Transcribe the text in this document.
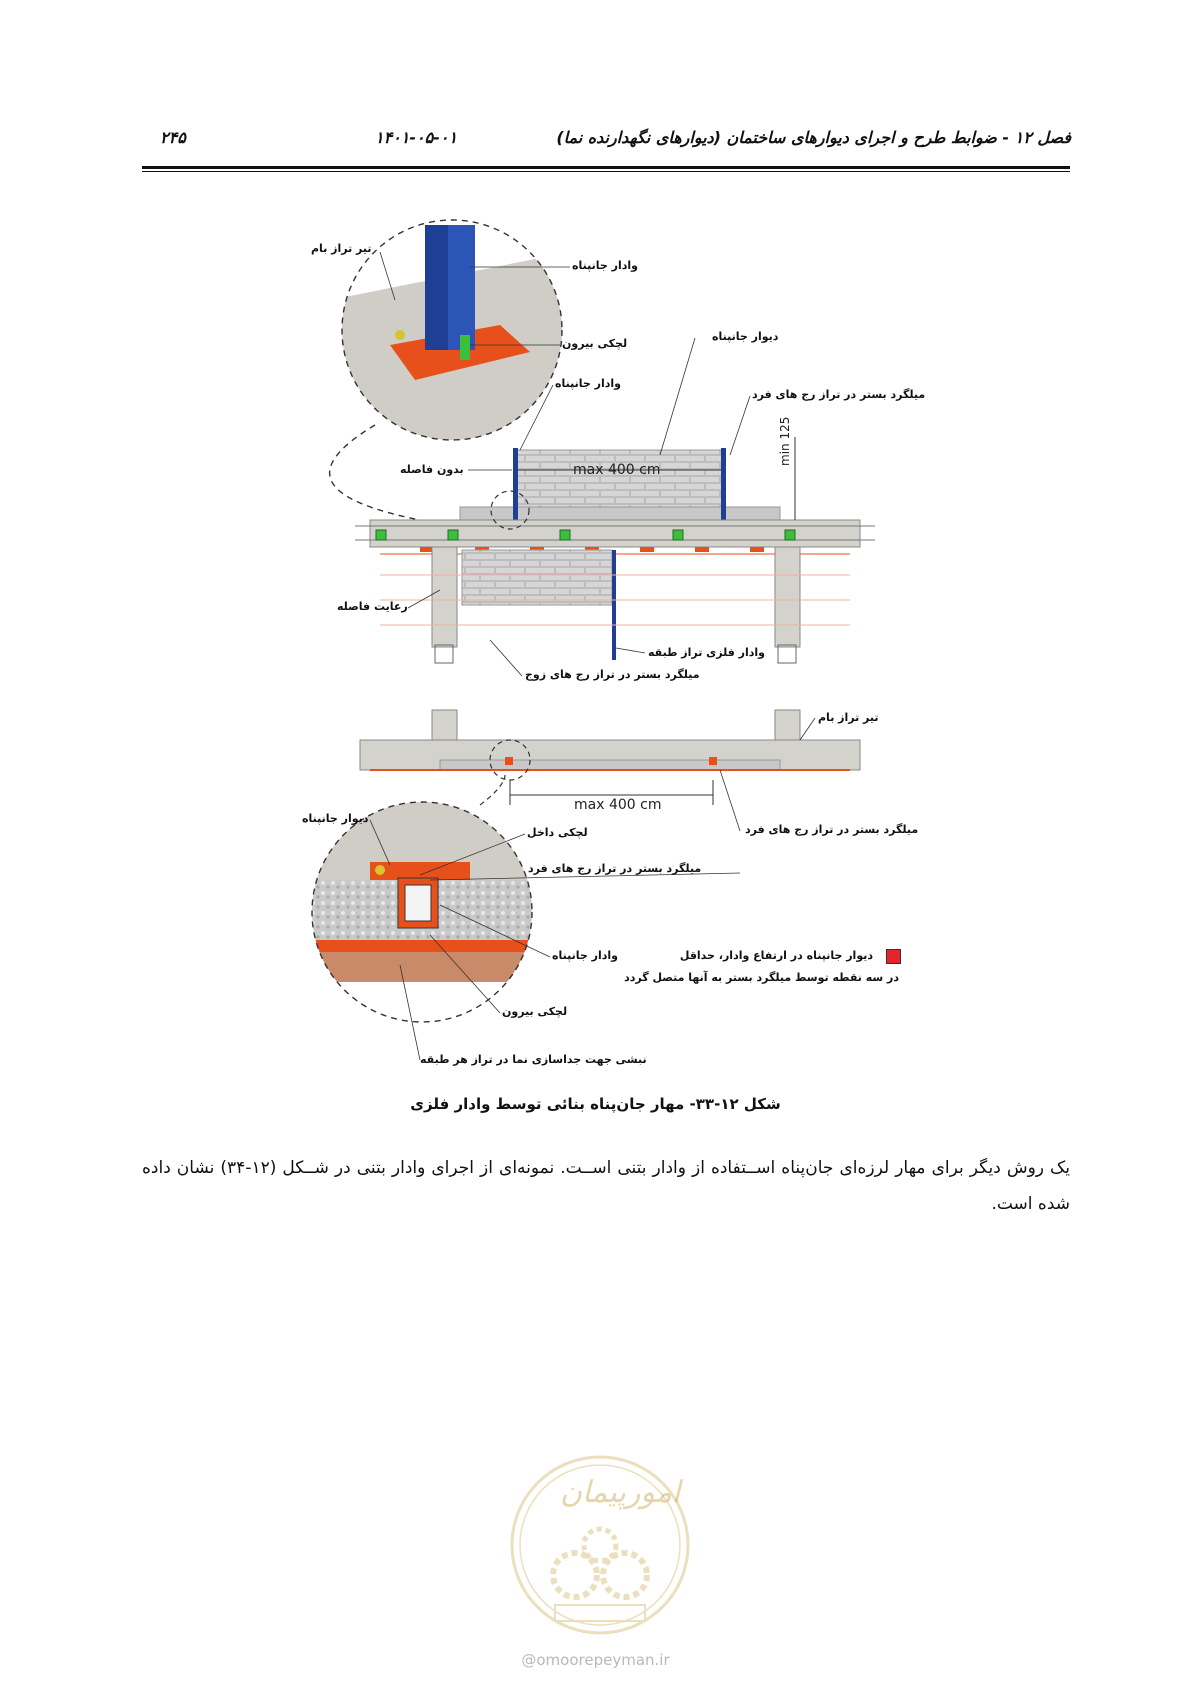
۲۴۵	۱۴۰۱-۰۵-۰۱	فصل ۱۲ - ضوابط طرح و اجرای دیوارهای ساختمان (دیوارهای نگهدارنده نما)
تیر تراز بام
وادار جانپناه
لچکی بیرون
دیوار جانپناه
وادار جانپناه
میلگرد بستر در تراز رج های فرد
بدون فاصله	max 400 cm
min 125
رعایت فاصله
وادار فلزی تراز طبقه
میلگرد بستر در تراز رج های زوج
تیر تراز بام
max 400 cm
میلگرد بستر در تراز رج های فرد
دیوار جانپناه
لچکی داخل
میلگرد بستر در تراز رج های فرد
وادار جانپناه
لچکی بیرون
نبشی جهت جداسازی نما در تراز هر طبقه
دیوار جانپناه در ارتفاع وادار، حداقل
در سه نقطه توسط میلگرد بستر به آنها متصل گردد
شکل ۱۲-۳۳- مهار جان‌پناه بنائی توسط وادار فلزی
یک روش دیگر برای مهار لرزه‌ای جان‌پناه اســتفاده از وادار بتنی اســت. نمونه‌ای از اجرای وادار بتنی در شــکل (۱۲-۳۴) نشان داده شده است.
امورپیمان
@omoorepeyman.ir
